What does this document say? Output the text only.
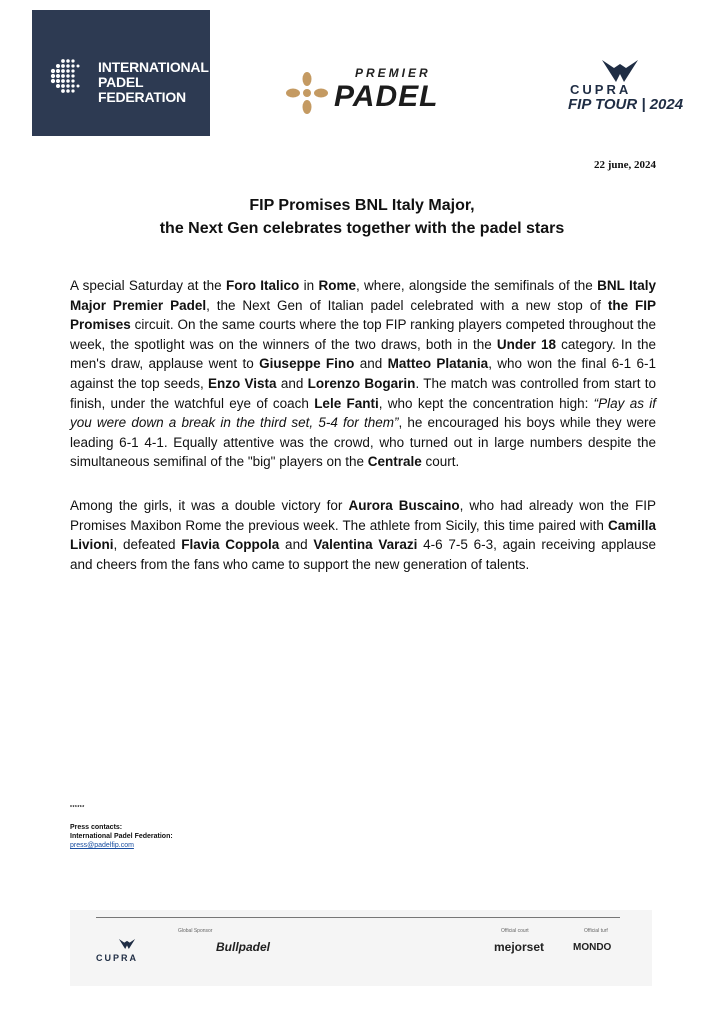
INTERNATIONAL
PADEL
FEDERATION
PREMIER
PADEL	CUPRA
FIP TOUR | 2024
22 june, 2024
FIP Promises BNL Italy Major,
the Next Gen celebrates together with the padel stars
A special Saturday at the Foro Italico in Rome, where, alongside the semifinals of the BNL Italy Major Premier Padel, the Next Gen of Italian padel celebrated with a new stop of the FIP Promises circuit. On the same courts where the top FIP ranking players competed throughout the week, the spotlight was on the winners of the two draws, both in the Under 18 category. In the men's draw, applause went to Giuseppe Fino and Matteo Platania, who won the final 6-1 6-1 against the top seeds, Enzo Vista and Lorenzo Bogarin. The match was controlled from start to finish, under the watchful eye of coach Lele Fanti, who kept the concentration high: “Play as if you were down a break in the third set, 5-4 for them”, he encouraged his boys while they were leading 6-1 4-1. Equally attentive was the crowd, who turned out in large numbers despite the simultaneous semifinal of the "big" players on the Centrale court.
Among the girls, it was a double victory for Aurora Buscaino, who had already won the FIP Promises Maxibon Rome the previous week. The athlete from Sicily, this time paired with Camilla Livioni, defeated Flavia Coppola and Valentina Varazi 4-6 7-5 6-3, again receiving applause and cheers from the fans who came to support the new generation of talents.
******
Press contacts:
International Padel Federation:
press@padelfip.com
Global Sponsor	Official court	Official turf
CUPRA
Bullpadel	mejorset	MONDO
